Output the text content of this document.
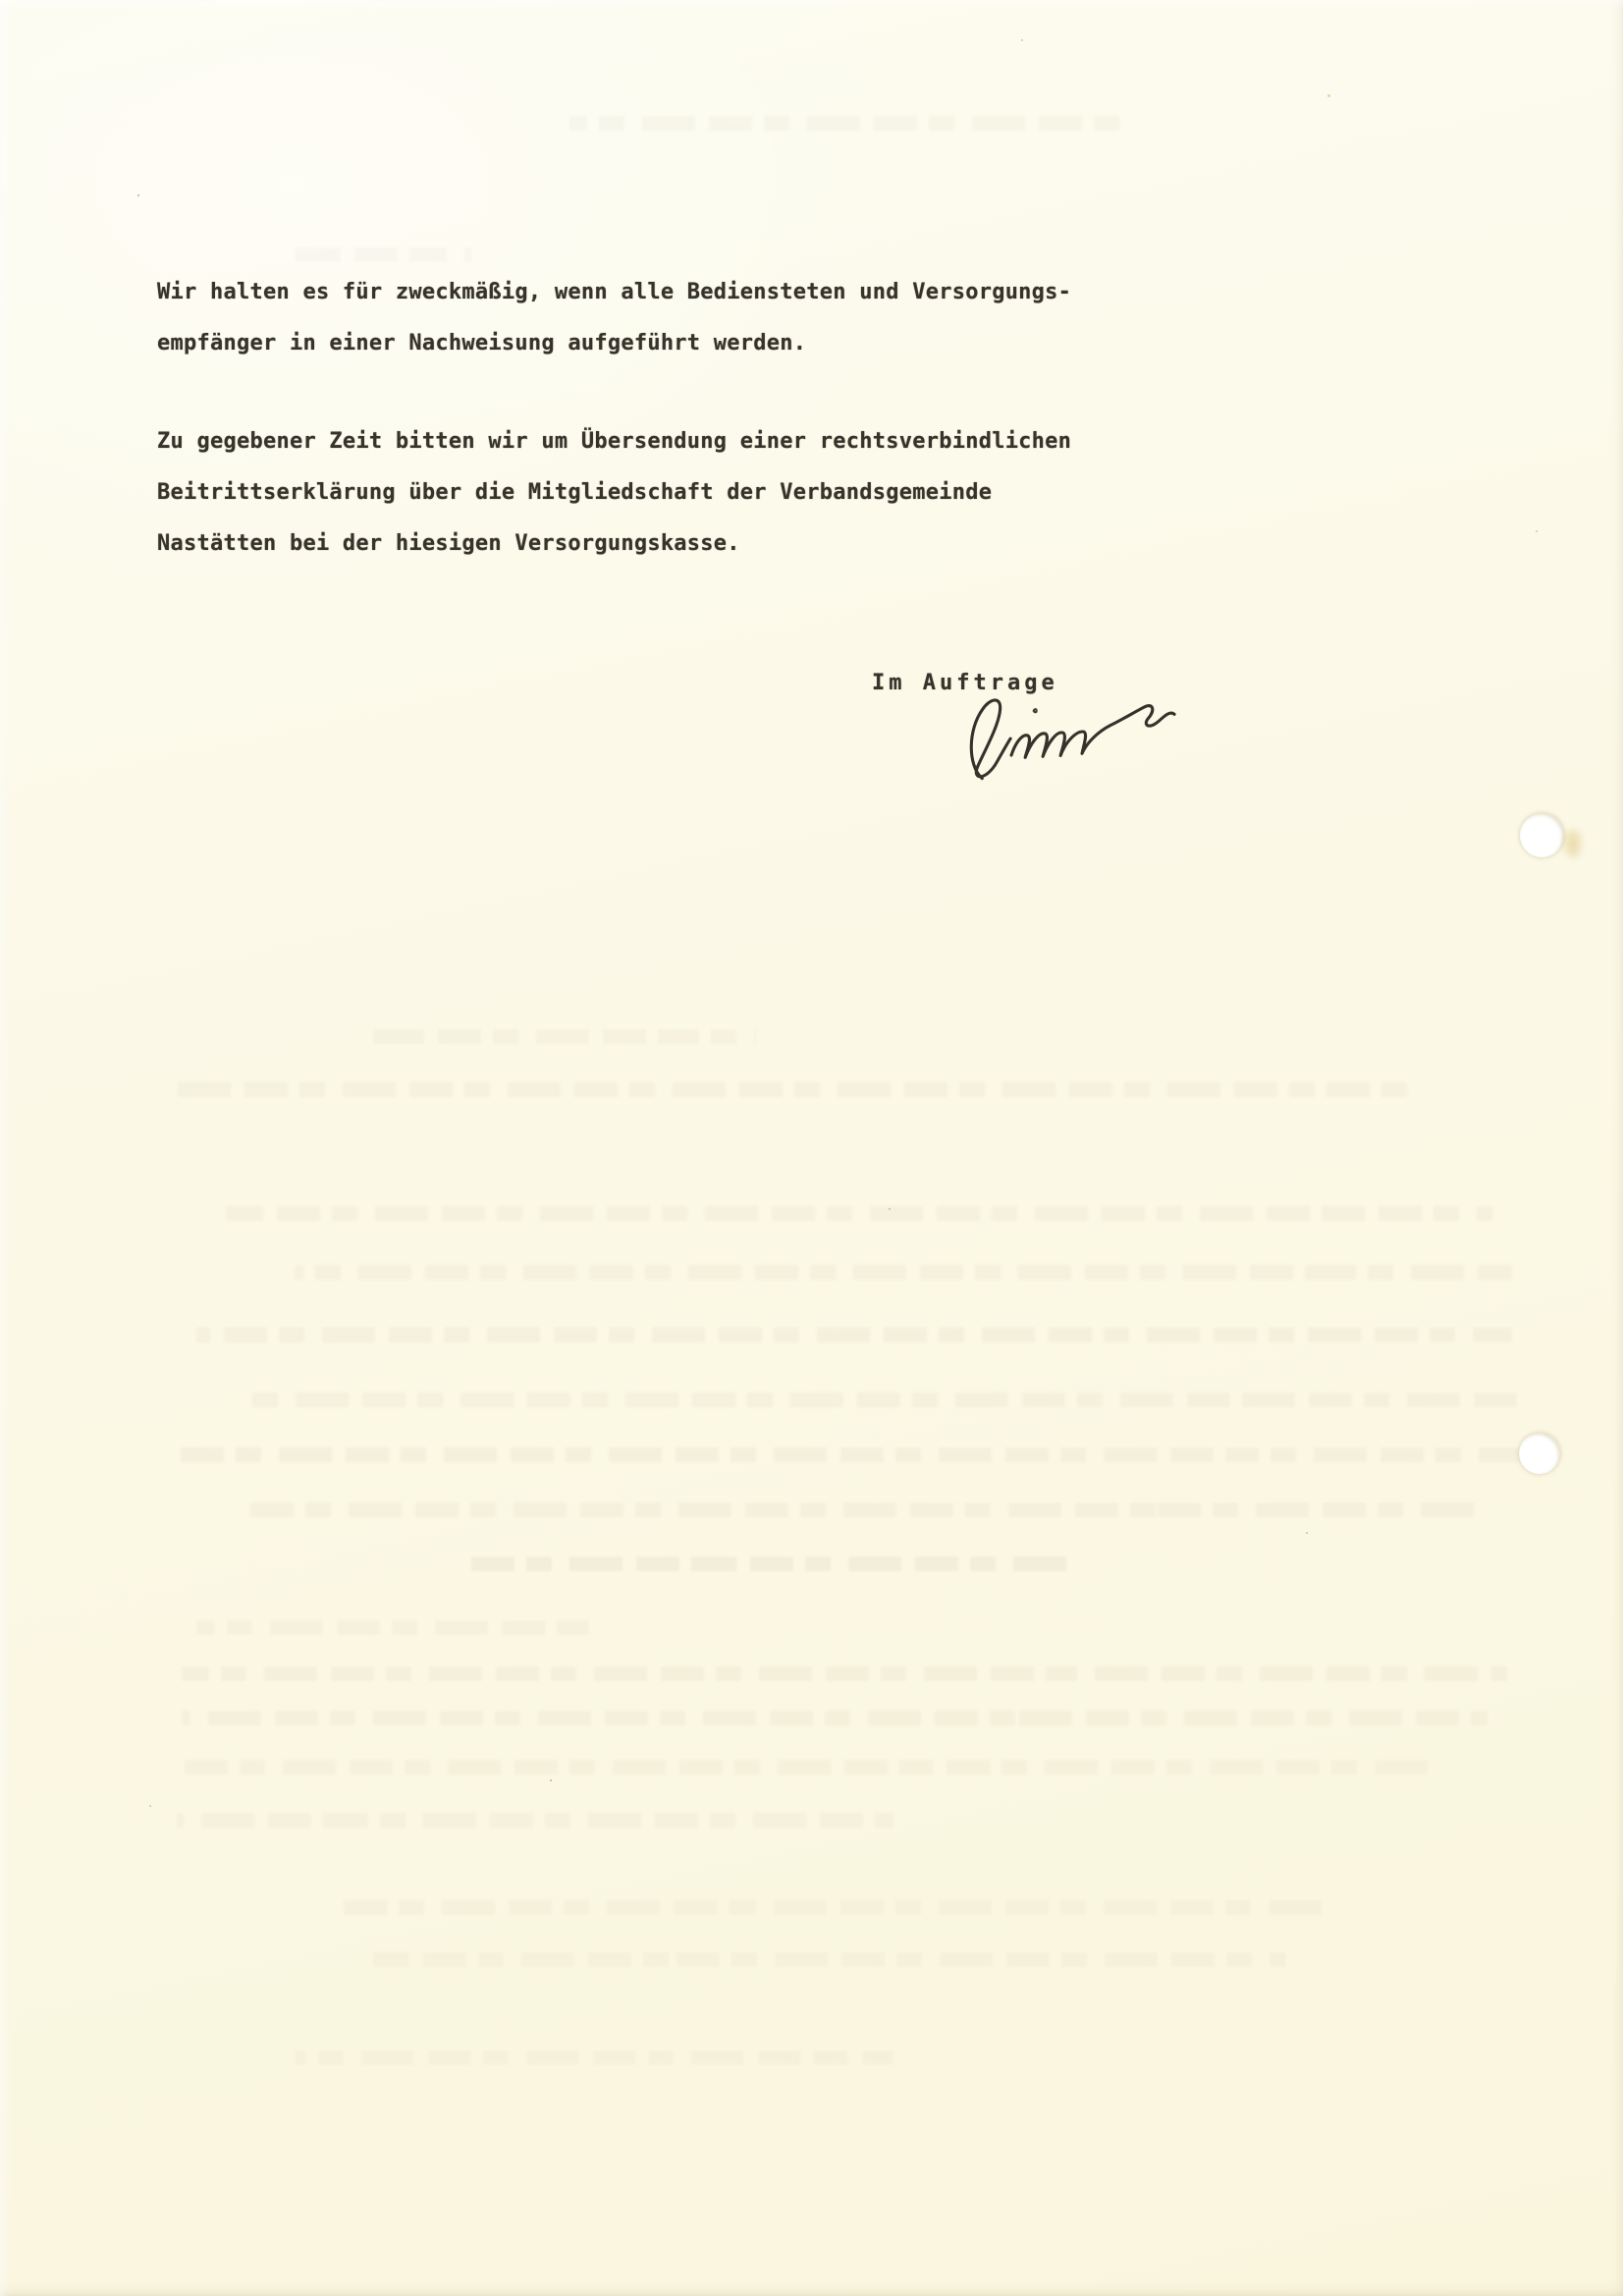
Wir halten es für zweckmäßig, wenn alle Bediensteten und Versorgungs-
empfänger in einer Nachweisung aufgeführt werden.
Zu gegebener Zeit bitten wir um Übersendung einer rechtsverbindlichen
Beitrittserklärung über die Mitgliedschaft der Verbandsgemeinde
Nastätten bei der hiesigen Versorgungskasse.
Im Auftrage
